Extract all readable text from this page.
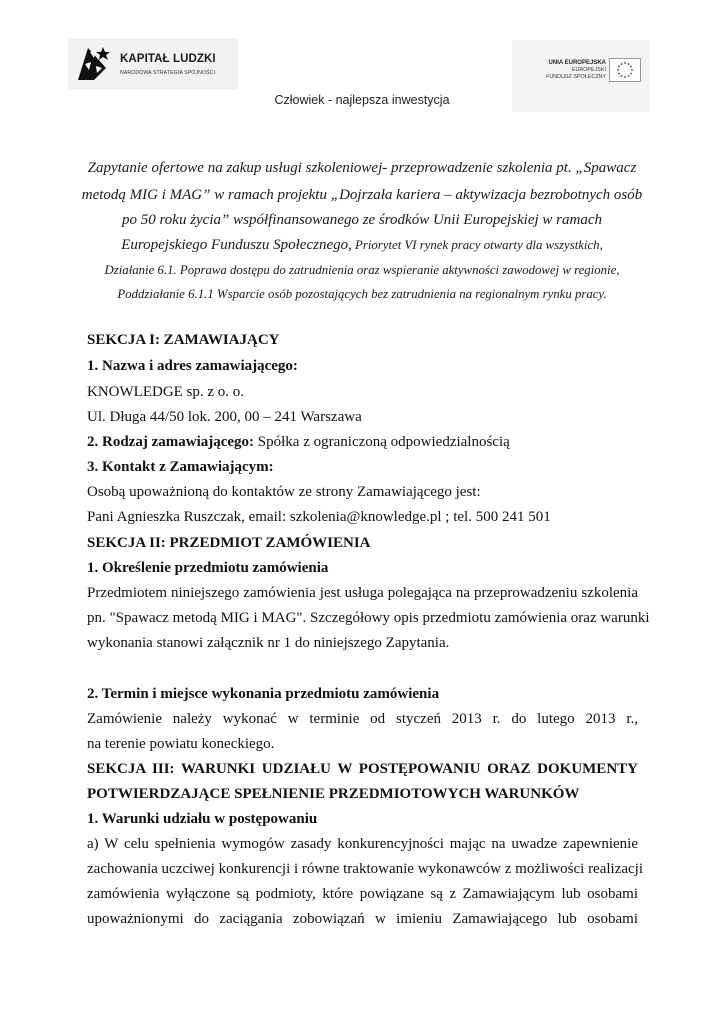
KAPITAŁ LUDZKI
NARODOWA STRATEGIA SPÓJNOŚCI
UNIA EUROPEJSKA
EUROPEJSKI
FUNDUSZ SPOŁECZNY
Człowiek - najlepsza inwestycja
Zapytanie ofertowe na zakup usługi szkoleniowej- przeprowadzenie szkolenia pt. „Spawacz
metodą MIG i MAG” w ramach projektu „Dojrzała kariera – aktywizacja bezrobotnych osób
po 50 roku życia” współfinansowanego ze środków Unii Europejskiej w ramach
Europejskiego Funduszu Społecznego, Priorytet VI rynek pracy otwarty dla wszystkich,
Działanie 6.1. Poprawa dostępu do zatrudnienia oraz wspieranie aktywności zawodowej w regionie,
Poddziałanie 6.1.1 Wsparcie osób pozostających bez zatrudnienia na regionalnym rynku pracy.
SEKCJA I: ZAMAWIAJĄCY
1. Nazwa i adres zamawiającego:
KNOWLEDGE sp. z o. o.
Ul. Długa 44/50 lok. 200, 00 – 241 Warszawa
2. Rodzaj zamawiającego: Spółka z ograniczoną odpowiedzialnością
3. Kontakt z Zamawiającym:
Osobą upoważnioną do kontaktów ze strony Zamawiającego jest:
Pani Agnieszka Ruszczak, email: szkolenia@knowledge.pl ; tel. 500 241 501
SEKCJA II: PRZEDMIOT ZAMÓWIENIA
1. Określenie przedmiotu zamówienia
Przedmiotem niniejszego zamówienia jest usługa polegająca na przeprowadzeniu szkolenia
pn. "Spawacz metodą MIG i MAG". Szczegółowy opis przedmiotu zamówienia oraz warunki
wykonania stanowi załącznik nr 1 do niniejszego Zapytania.
2. Termin i miejsce wykonania przedmiotu zamówienia
Zamówienie należy wykonać w terminie od styczeń 2013 r. do lutego 2013 r.,
na terenie powiatu koneckiego.
SEKCJA III: WARUNKI UDZIAŁU W POSTĘPOWANIU ORAZ DOKUMENTY
POTWIERDZAJĄCE SPEŁNIENIE PRZEDMIOTOWYCH WARUNKÓW
1. Warunki udziału w postępowaniu
a) W celu spełnienia wymogów zasady konkurencyjności mając na uwadze zapewnienie
zachowania uczciwej konkurencji i równe traktowanie wykonawców z możliwości realizacji
zamówienia wyłączone są podmioty, które powiązane są z Zamawiającym lub osobami
upoważnionymi do zaciągania zobowiązań w imieniu Zamawiającego lub osobami
